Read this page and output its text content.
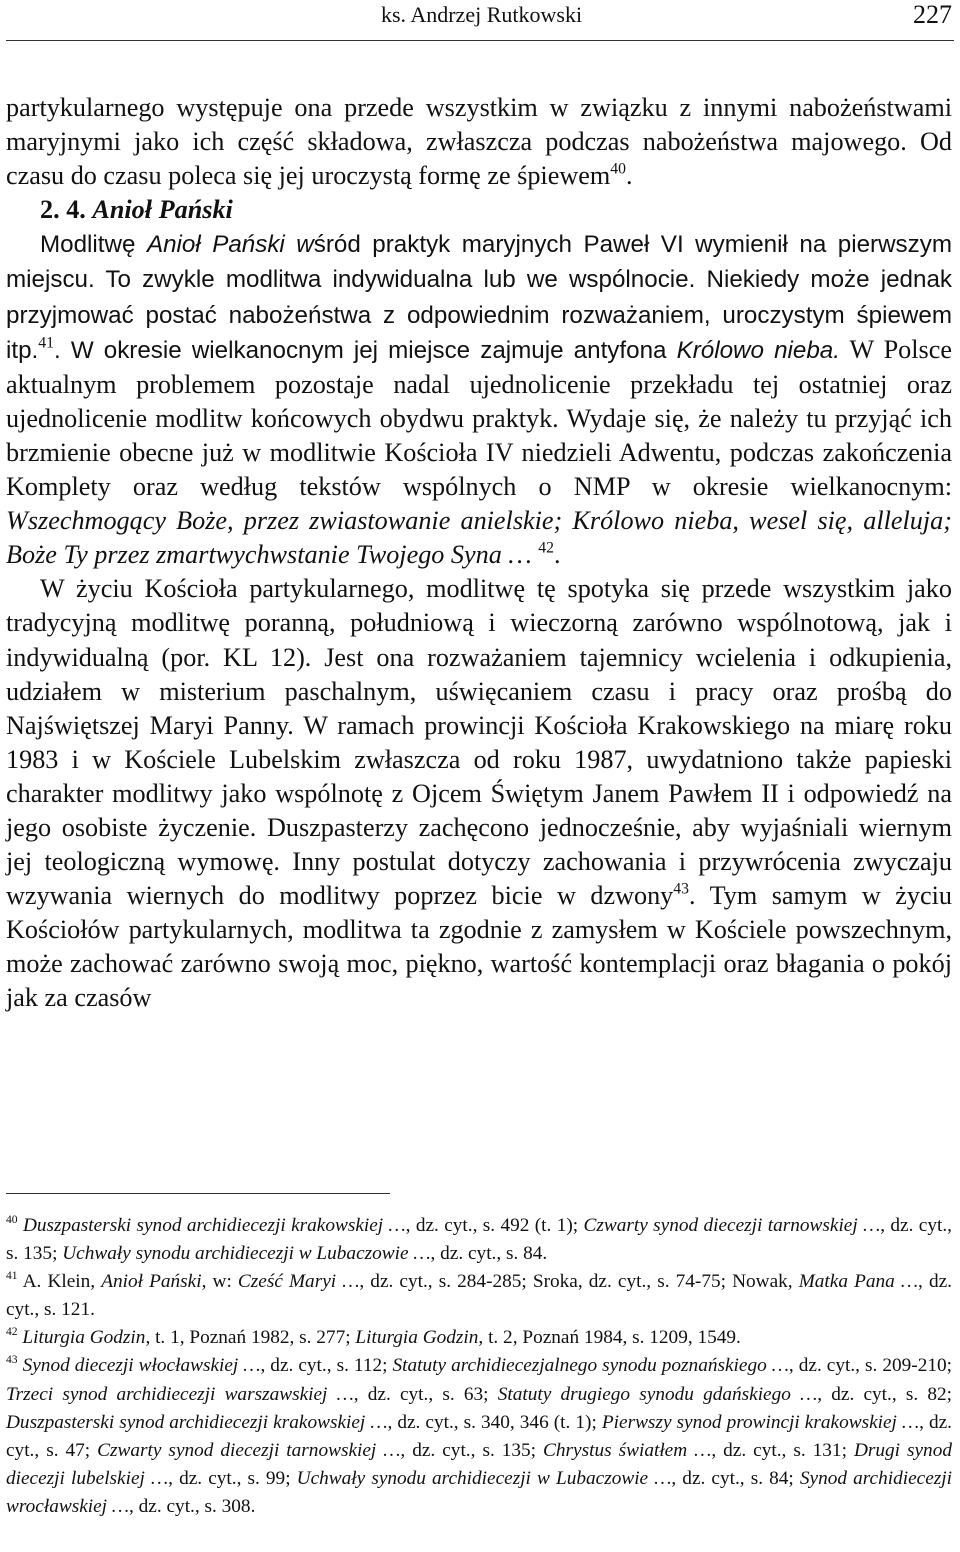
ks. Andrzej Rutkowski	227

partykularnego występuje ona przede wszystkim w związku z innymi nabożeństwami maryjnymi jako ich część składowa, zwłaszcza podczas nabożeństwa majowego. Od czasu do czasu poleca się jej uroczystą formę ze śpiewem$^{40}$.

2. 4. Anioł Pański

Modlitwę Anioł Pański wśród praktyk maryjnych Paweł VI wymienił na pierwszym miejscu. To zwykle modlitwa indywidualna lub we wspólnocie. Niekiedy może jednak przyjmować postać nabożeństwa z odpowiednim rozważaniem, uroczystym śpiewem itp.$^{41}$. W okresie wielkanocnym jej miejsce zajmuje antyfona Królowo nieba. W Polsce aktualnym problemem pozostaje nadal ujednolicenie przekładu tej ostatniej oraz ujednolicenie modlitw końcowych obydwu praktyk. Wydaje się, że należy tu przyjąć ich brzmienie obecne już w modlitwie Kościoła IV niedzieli Adwentu, podczas zakończenia Komplety oraz według tekstów wspólnych o NMP w okresie wielkanocnym: Wszechmogący Boże, przez zwiastowanie anielskie; Królowo nieba, wesel się, alleluja; Boże Ty przez zmartwychwstanie Twojego Syna … $^{42}$.

W życiu Kościoła partykularnego, modlitwę tę spotyka się przede wszystkim jako tradycyjną modlitwę poranną, południową i wieczorną zarówno wspólnotową, jak i indywidualną (por. KL 12). Jest ona rozważaniem tajemnicy wcielenia i odkupienia, udziałem w misterium paschalnym, uświęcaniem czasu i pracy oraz prośbą do Najświętszej Maryi Panny. W ramach prowincji Kościoła Krakowskiego na miarę roku 1983 i w Kościele Lubelskim zwłaszcza od roku 1987, uwydatniono także papieski charakter modlitwy jako wspólnotę z Ojcem Świętym Janem Pawłem II i odpowiedź na jego osobiste życzenie. Duszpasterzy zachęcono jednocześnie, aby wyjaśniali wiernym jej teologiczną wymowę. Inny postulat dotyczy zachowania i przywrócenia zwyczaju wzywania wiernych do modlitwy poprzez bicie w dzwony$^{43}$. Tym samym w życiu Kościołów partykularnych, modlitwa ta zgodnie z zamysłem w Kościele powszechnym, może zachować zarówno swoją moc, piękno, wartość kontemplacji oraz błagania o pokój jak za czasów

$^{40}$ Duszpasterski synod archidiecezji krakowskiej …, dz. cyt., s. 492 (t. 1); Czwarty synod diecezji tarnowskiej …, dz. cyt., s. 135; Uchwały synodu archidiecezji w Lubaczowie …, dz. cyt., s. 84.

$^{41}$ A. Klein, Anioł Pański, w: Cześć Maryi …, dz. cyt., s. 284-285; Sroka, dz. cyt., s. 74-75; Nowak, Matka Pana …, dz. cyt., s. 121.

$^{42}$ Liturgia Godzin, t. 1, Poznań 1982, s. 277; Liturgia Godzin, t. 2, Poznań 1984, s. 1209, 1549.

$^{43}$ Synod diecezji włocławskiej …, dz. cyt., s. 112; Statuty archidiecezjalnego synodu poznańskiego …, dz. cyt., s. 209-210; Trzeci synod archidiecezji warszawskiej …, dz. cyt., s. 63; Statuty drugiego synodu gdańskiego …, dz. cyt., s. 82; Duszpasterski synod archidiecezji krakowskiej …, dz. cyt., s. 340, 346 (t. 1); Pierwszy synod prowincji krakowskiej …, dz. cyt., s. 47; Czwarty synod diecezji tarnowskiej …, dz. cyt., s. 135; Chrystus światłem …, dz. cyt., s. 131; Drugi synod diecezji lubelskiej …, dz. cyt., s. 99; Uchwały synodu archidiecezji w Lubaczowie …, dz. cyt., s. 84; Synod archidiecezji wrocławskiej …, dz. cyt., s. 308.
